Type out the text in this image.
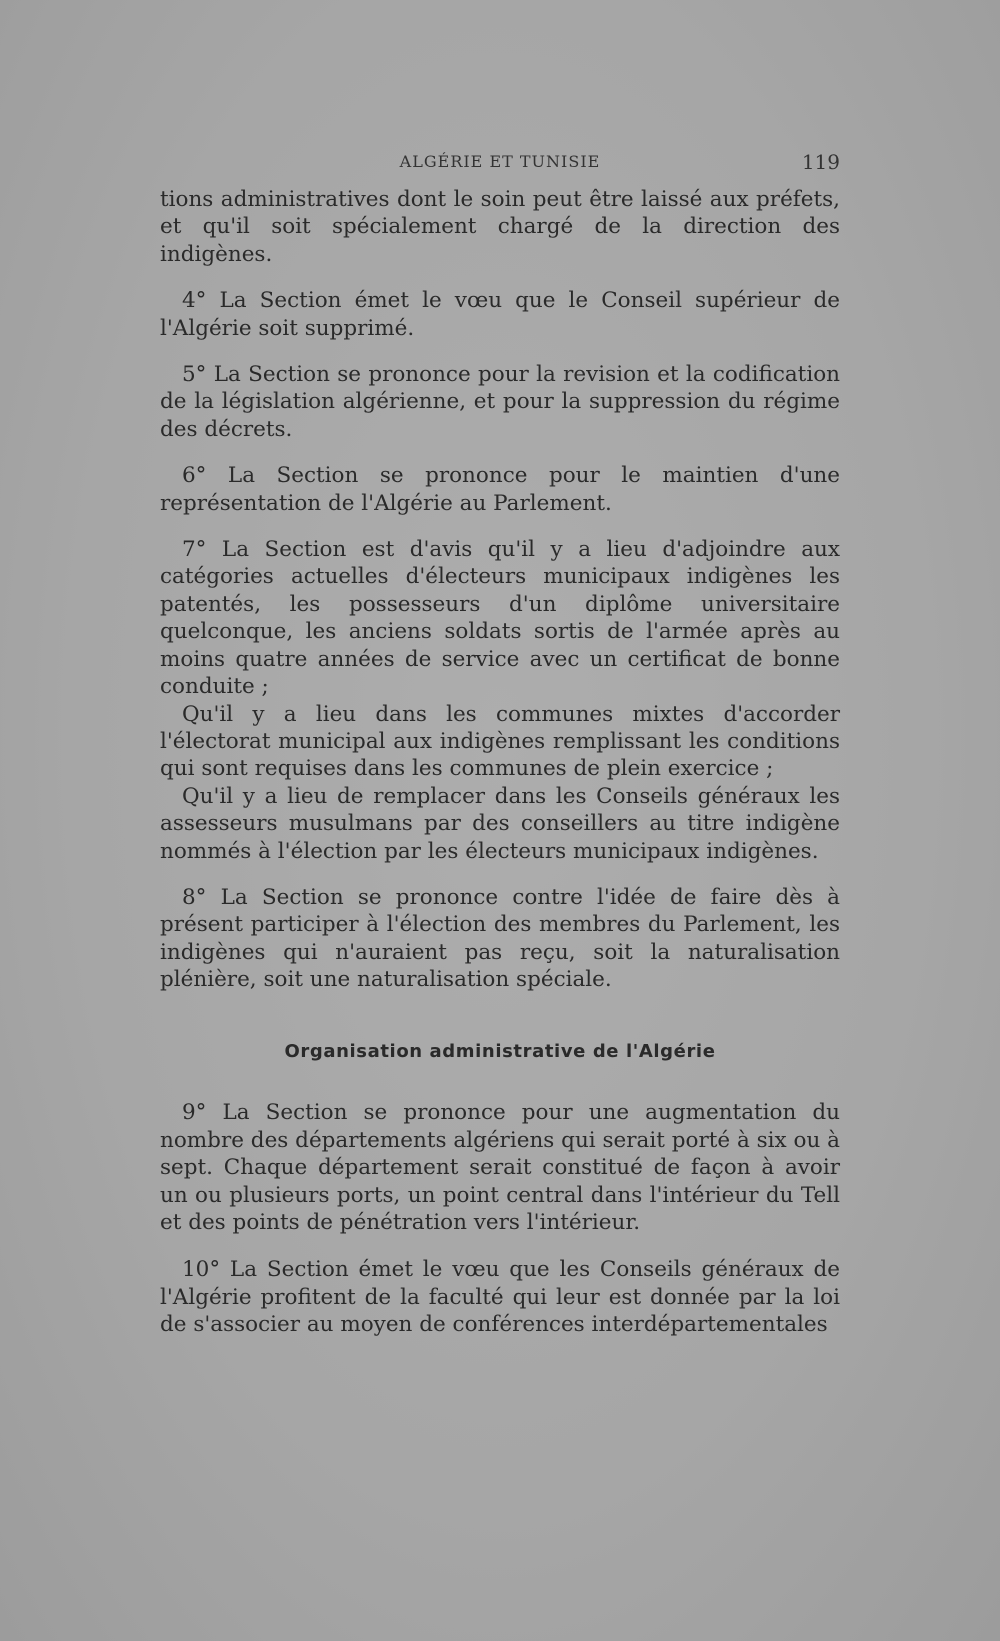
ALGÉRIE ET TUNISIE	119

tions administratives dont le soin peut être laissé aux préfets, et qu'il soit spécialement chargé de la direction des indigènes.

4° La Section émet le vœu que le Conseil supérieur de l'Algérie soit supprimé.

5° La Section se prononce pour la revision et la codification de la législation algérienne, et pour la suppression du régime des décrets.

6° La Section se prononce pour le maintien d'une représentation de l'Algérie au Parlement.

7° La Section est d'avis qu'il y a lieu d'adjoindre aux catégories actuelles d'électeurs municipaux indigènes les patentés, les possesseurs d'un diplôme universitaire quelconque, les anciens soldats sortis de l'armée après au moins quatre années de service avec un certificat de bonne conduite ;

Qu'il y a lieu dans les communes mixtes d'accorder l'électorat municipal aux indigènes remplissant les conditions qui sont requises dans les communes de plein exercice ;

Qu'il y a lieu de remplacer dans les Conseils généraux les assesseurs musulmans par des conseillers au titre indigène nommés à l'élection par les électeurs municipaux indigènes.

8° La Section se prononce contre l'idée de faire dès à présent participer à l'élection des membres du Parlement, les indigènes qui n'auraient pas reçu, soit la naturalisation plénière, soit une naturalisation spéciale.

Organisation administrative de l'Algérie

9° La Section se prononce pour une augmentation du nombre des départements algériens qui serait porté à six ou à sept. Chaque département serait constitué de façon à avoir un ou plusieurs ports, un point central dans l'intérieur du Tell et des points de pénétration vers l'intérieur.

10° La Section émet le vœu que les Conseils généraux de l'Algérie profitent de la faculté qui leur est donnée par la loi de s'associer au moyen de conférences interdépartementales
